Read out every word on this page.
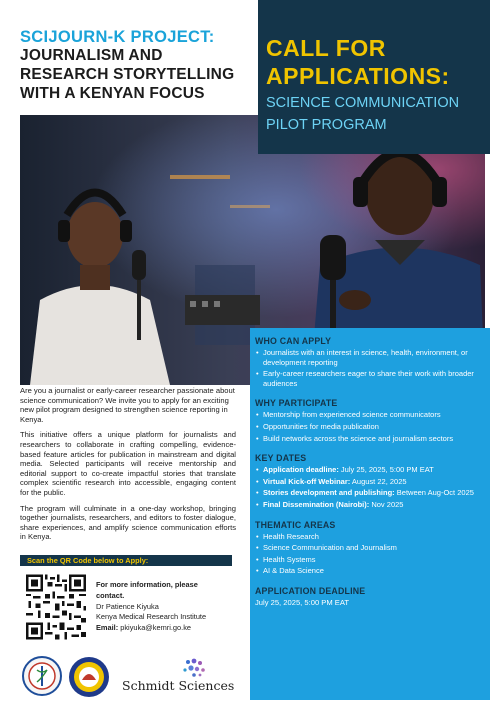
SCIJOURN-K PROJECT:
JOURNALISM AND
RESEARCH STORYTELLING
WITH A KENYAN FOCUS
CALL FOR
APPLICATIONS:
SCIENCE COMMUNICATION
PILOT PROGRAM

Are you a journalist or early-career researcher passionate about science communication? We invite you to apply for an exciting new pilot program designed to strengthen science reporting in Kenya.

This initiative offers a unique platform for journalists and researchers to collaborate in crafting compelling, evidence-based feature articles for publication in mainstream and digital media. Selected participants will receive mentorship and editorial support to co-create impactful stories that translate complex scientific research into accessible, engaging content for the public.

The program will culminate in a one-day workshop, bringing together journalists, researchers, and editors to foster dialogue, share experiences, and amplify science communication efforts in Kenya.

Scan the QR Code below to Apply:
For more information, please
contact.
Dr Patience Kiyuka
Kenya Medical Research Institute
Email: pkiyuka@kemri.go.ke
Schmidt Sciences
WHO CAN APPLY
• Journalists with an interest in science, health, environment, or development reporting
• Early-career researchers eager to share their work with broader audiences
WHY PARTICIPATE
• Mentorship from experienced science communicators
• Opportunities for media publication
• Build networks across the science and journalism sectors
KEY DATES
• Application deadline: July 25, 2025, 5:00 PM EAT
• Virtual Kick-off Webinar: August 22, 2025
• Stories development and publishing: Between Aug-Oct 2025
• Final Dissemination (Nairobi): Nov 2025
THEMATIC AREAS
• Health Research
• Science Communication and Journalism
• Health Systems
• AI & Data Science
APPLICATION DEADLINE
July 25, 2025, 5:00 PM EAT
